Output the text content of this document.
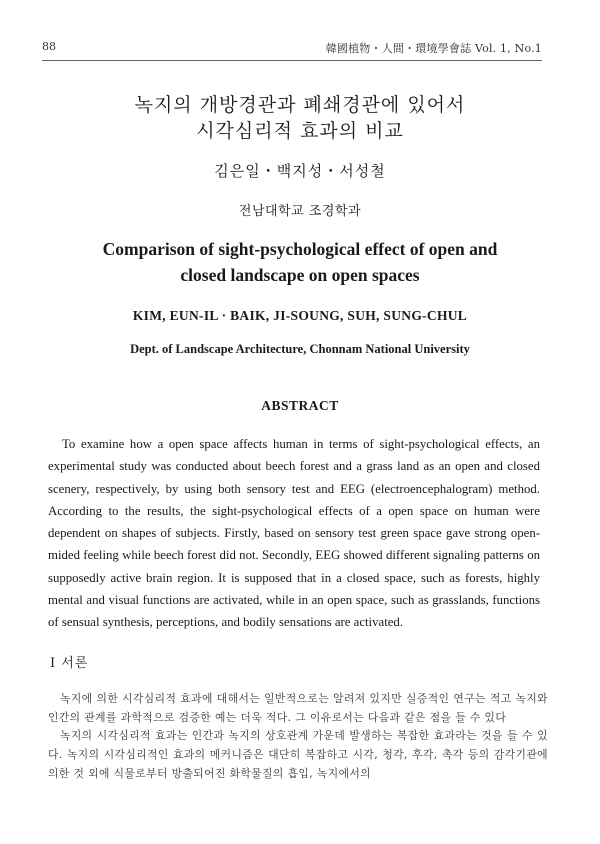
88	韓國植物・人間・環境學會誌 Vol. 1, No.1
녹지의 개방경관과 폐쇄경관에 있어서
시각심리적 효과의 비교
김은일・백지성・서성철
전남대학교 조경학과
Comparison of sight-psychological effect of open and
closed landscape on open spaces
KIM, EUN-IL · BAIK, JI-SOUNG, SUH, SUNG-CHUL
Dept. of Landscape Architecture, Chonnam National University
ABSTRACT

To examine how a open space affects human in terms of sight-psychological effects, an experimental study was conducted about beech forest and a grass land as an open and closed scenery, respectively, by using both sensory test and EEG (electroencephalogram) method. According to the results, the sight-psychological effects of a open space on human were dependent on shapes of subjects. Firstly, based on sensory test green space gave strong open-mided feeling while beech forest did not. Secondly, EEG showed different signaling patterns on supposedly active brain region. It is supposed that in a closed space, such as forests, highly mental and visual functions are activated, while in an open space, such as grasslands, functions of sensual synthesis, perceptions, and bodily sensations are activated.

I 서론

녹지에 의한 시각심리적 효과에 대해서는 일반적으로는 알려져 있지만 실증적인 연구는 적고 녹지와 인간의 관계를 과학적으로 검증한 예는 더욱 적다. 그 이유로서는 다음과 같은 점을 들 수 있다

녹지의 시각심리적 효과는 인간과 녹지의 상호관계 가운데 발생하는 복잡한 효과라는 것을 들 수 있다. 녹지의 시각심리적인 효과의 메커니즘은 대단히 복잡하고 시각, 청각, 후각, 촉각 등의 감각기관에 의한 것 외에 식물로부터 방출되어진 화학물질의 흡입, 녹지에서의
